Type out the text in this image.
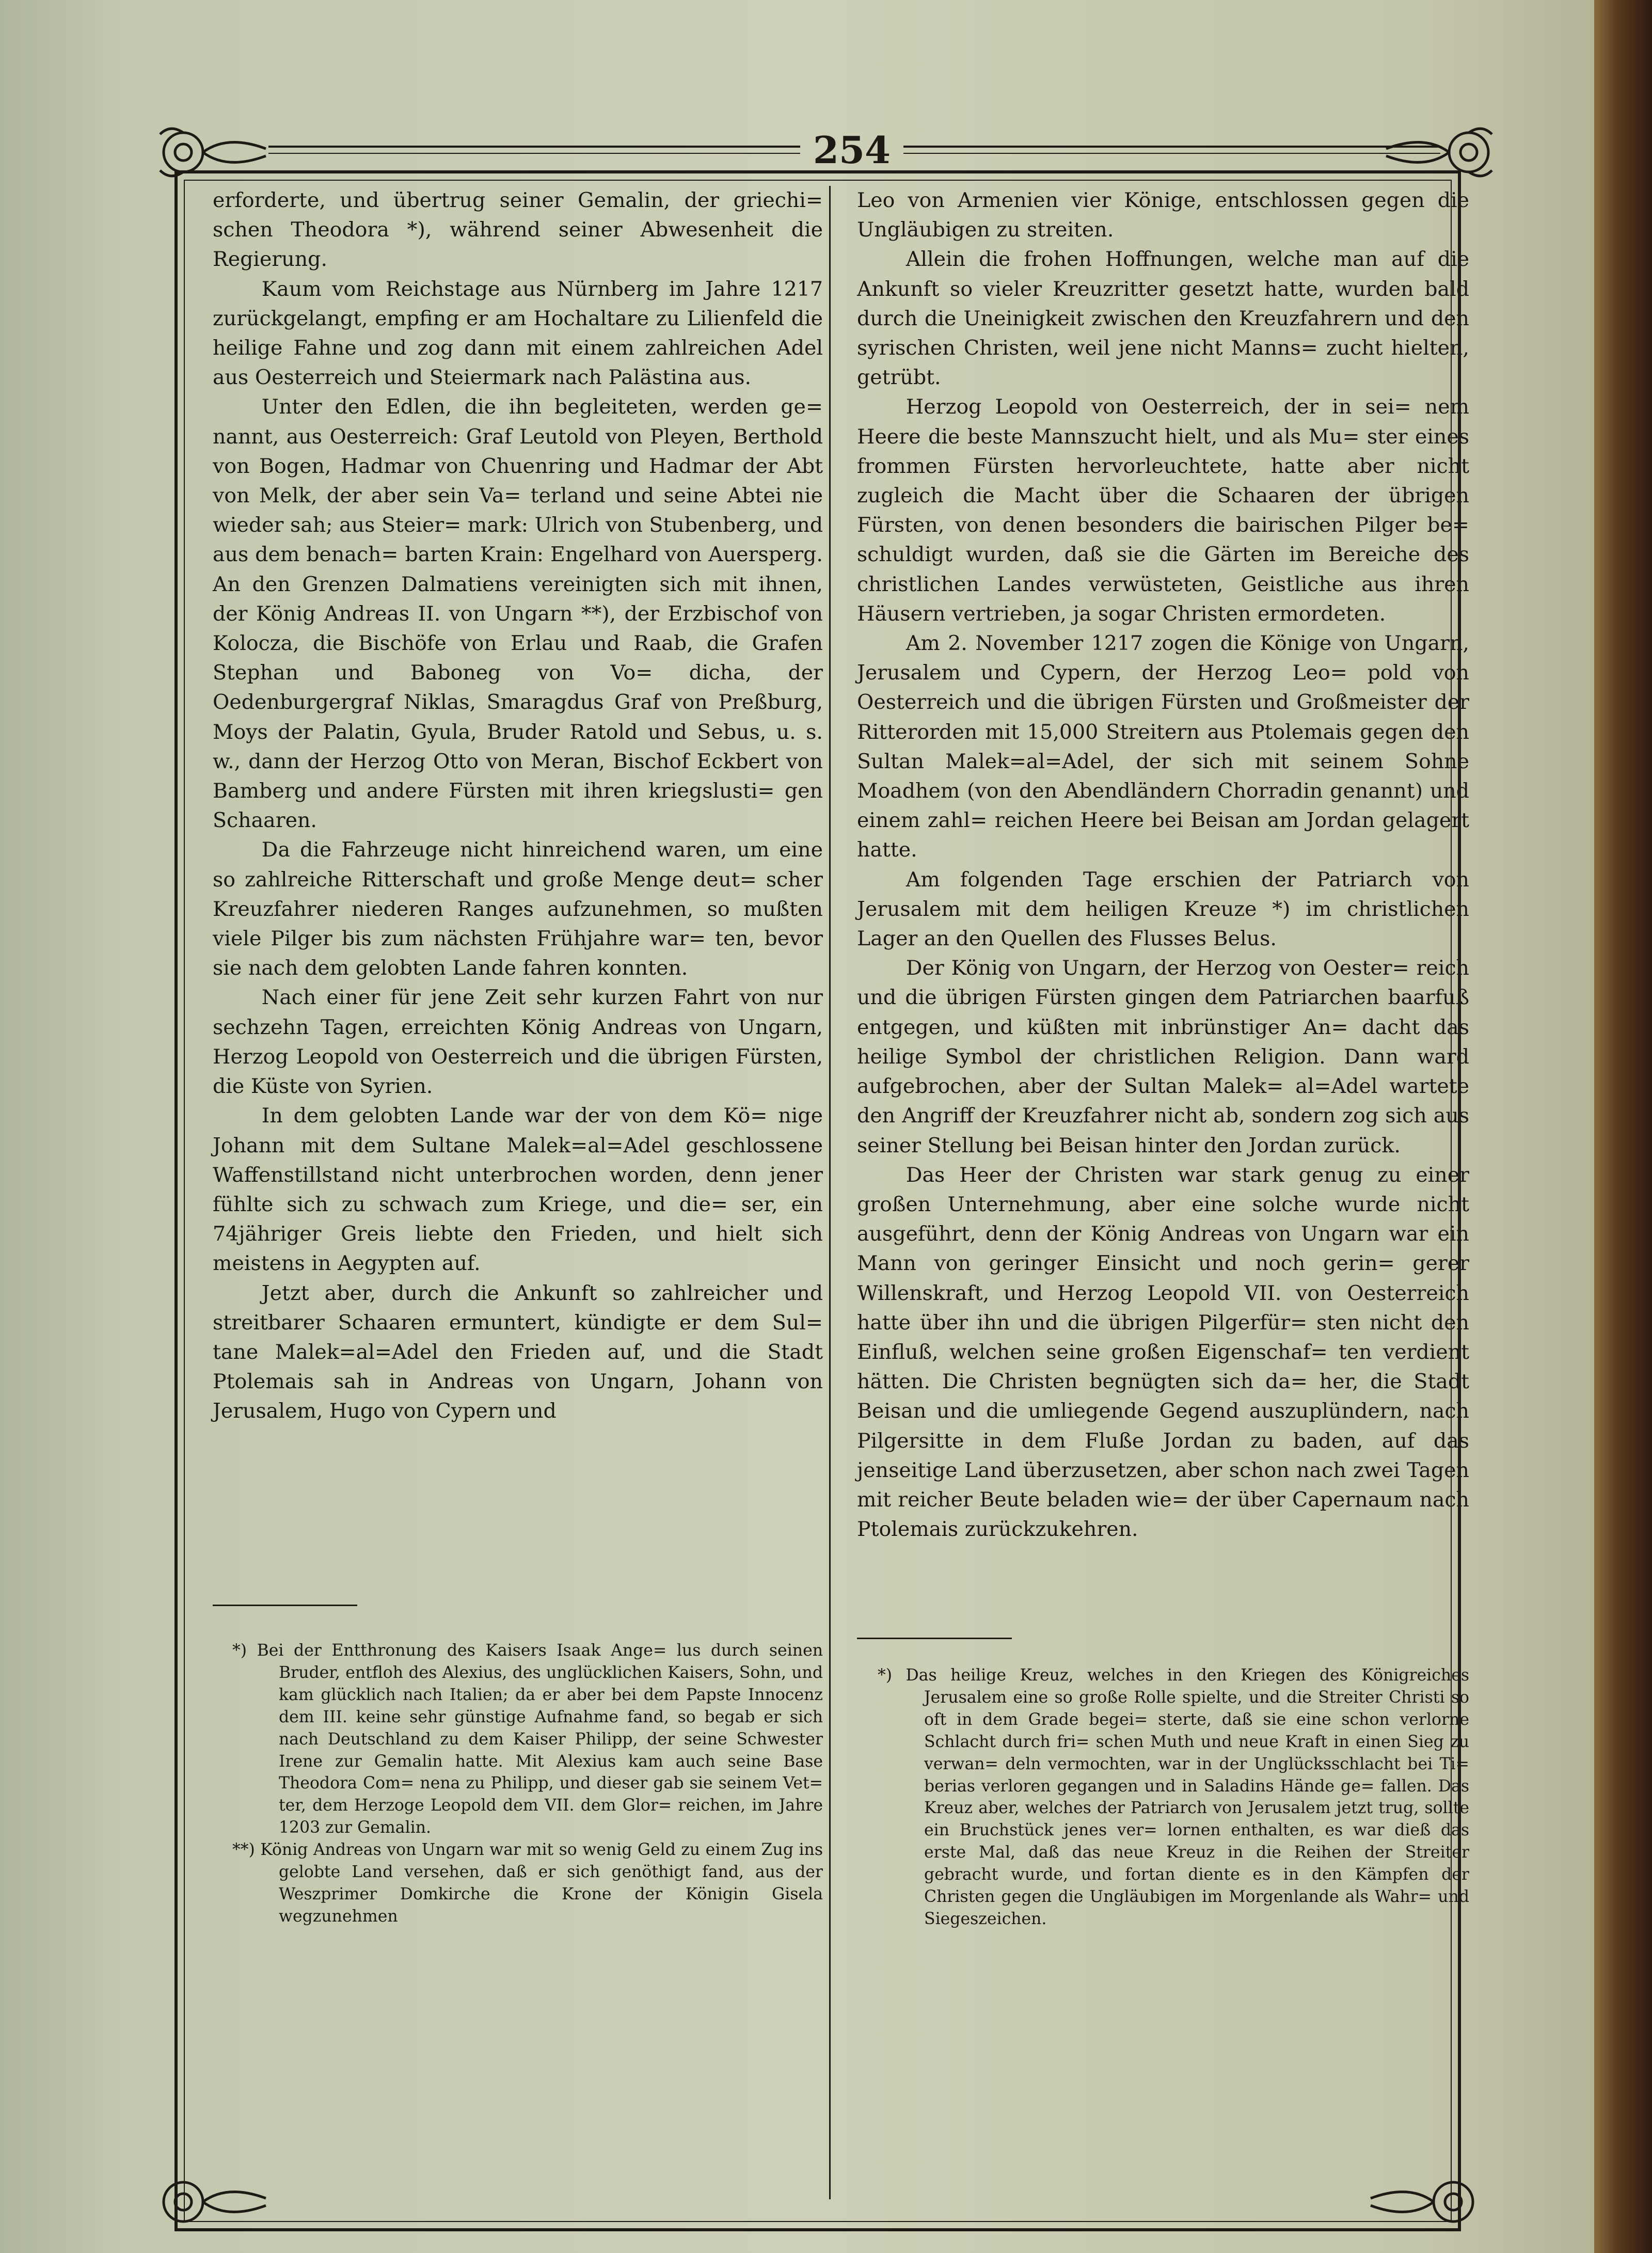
254

erforderte, und übertrug seiner Gemalin, der griechi= schen Theodora *), während seiner Abwesenheit die Regierung.

Kaum vom Reichstage aus Nürnberg im Jahre 1217 zurückgelangt, empfing er am Hochaltare zu Lilienfeld die heilige Fahne und zog dann mit einem zahlreichen Adel aus Oesterreich und Steiermark nach Palästina aus.

Unter den Edlen, die ihn begleiteten, werden ge= nannt, aus Oesterreich: Graf Leutold von Pleyen, Berthold von Bogen, Hadmar von Chuenring und Hadmar der Abt von Melk, der aber sein Va= terland und seine Abtei nie wieder sah; aus Steier= mark: Ulrich von Stubenberg, und aus dem benach= barten Krain: Engelhard von Auersperg. An den Grenzen Dalmatiens vereinigten sich mit ihnen, der König Andreas II. von Ungarn **), der Erzbischof von Kolocza, die Bischöfe von Erlau und Raab, die Grafen Stephan und Baboneg von Vo= dicha, der Oedenburgergraf Niklas, Smaragdus Graf von Preßburg, Moys der Palatin, Gyula, Bruder Ratold und Sebus, u. s. w., dann der Herzog Otto von Meran, Bischof Eckbert von Bamberg und andere Fürsten mit ihren kriegslusti= gen Schaaren.

Da die Fahrzeuge nicht hinreichend waren, um eine so zahlreiche Ritterschaft und große Menge deut= scher Kreuzfahrer niederen Ranges aufzunehmen, so mußten viele Pilger bis zum nächsten Frühjahre war= ten, bevor sie nach dem gelobten Lande fahren konnten.

Nach einer für jene Zeit sehr kurzen Fahrt von nur sechzehn Tagen, erreichten König Andreas von Ungarn, Herzog Leopold von Oesterreich und die übrigen Fürsten, die Küste von Syrien.

In dem gelobten Lande war der von dem Kö= nige Johann mit dem Sultane Malek=al=Adel geschlossene Waffenstillstand nicht unterbrochen worden, denn jener fühlte sich zu schwach zum Kriege, und die= ser, ein 74jähriger Greis liebte den Frieden, und hielt sich meistens in Aegypten auf.

Jetzt aber, durch die Ankunft so zahlreicher und streitbarer Schaaren ermuntert, kündigte er dem Sul= tane Malek=al=Adel den Frieden auf, und die Stadt Ptolemais sah in Andreas von Ungarn, Johann von Jerusalem, Hugo von Cypern und

Leo von Armenien vier Könige, entschlossen gegen die Ungläubigen zu streiten.

Allein die frohen Hoffnungen, welche man auf die Ankunft so vieler Kreuzritter gesetzt hatte, wurden bald durch die Uneinigkeit zwischen den Kreuzfahrern und den syrischen Christen, weil jene nicht Manns= zucht hielten, getrübt.

Herzog Leopold von Oesterreich, der in sei= nem Heere die beste Mannszucht hielt, und als Mu= ster eines frommen Fürsten hervorleuchtete, hatte aber nicht zugleich die Macht über die Schaaren der übrigen Fürsten, von denen besonders die bairischen Pilger be= schuldigt wurden, daß sie die Gärten im Bereiche des christlichen Landes verwüsteten, Geistliche aus ihren Häusern vertrieben, ja sogar Christen ermordeten.

Am 2. November 1217 zogen die Könige von Ungarn, Jerusalem und Cypern, der Herzog Leo= pold von Oesterreich und die übrigen Fürsten und Großmeister der Ritterorden mit 15,000 Streitern aus Ptolemais gegen den Sultan Malek=al=Adel, der sich mit seinem Sohne Moadhem (von den Abendländern Chorradin genannt) und einem zahl= reichen Heere bei Beisan am Jordan gelagert hatte.

Am folgenden Tage erschien der Patriarch von Jerusalem mit dem heiligen Kreuze *) im christlichen Lager an den Quellen des Flusses Belus.

Der König von Ungarn, der Herzog von Oester= reich und die übrigen Fürsten gingen dem Patriarchen baarfuß entgegen, und küßten mit inbrünstiger An= dacht das heilige Symbol der christlichen Religion. Dann ward aufgebrochen, aber der Sultan Malek= al=Adel wartete den Angriff der Kreuzfahrer nicht ab, sondern zog sich aus seiner Stellung bei Beisan hinter den Jordan zurück.

Das Heer der Christen war stark genug zu einer großen Unternehmung, aber eine solche wurde nicht ausgeführt, denn der König Andreas von Ungarn war ein Mann von geringer Einsicht und noch gerin= gerer Willenskraft, und Herzog Leopold VII. von Oesterreich hatte über ihn und die übrigen Pilgerfür= sten nicht den Einfluß, welchen seine großen Eigenschaf= ten verdient hätten. Die Christen begnügten sich da= her, die Stadt Beisan und die umliegende Gegend auszuplündern, nach Pilgersitte in dem Fluße Jordan zu baden, auf das jenseitige Land überzusetzen, aber schon nach zwei Tagen mit reicher Beute beladen wie= der über Capernaum nach Ptolemais zurückzukehren.

*) Bei der Entthronung des Kaisers Isaak Ange= lus durch seinen Bruder, entfloh des Alexius, des unglücklichen Kaisers, Sohn, und kam glücklich nach Italien; da er aber bei dem Papste Innocenz dem III. keine sehr günstige Aufnahme fand, so begab er sich nach Deutschland zu dem Kaiser Philipp, der seine Schwester Irene zur Gemalin hatte. Mit Alexius kam auch seine Base Theodora Com= nena zu Philipp, und dieser gab sie seinem Vet= ter, dem Herzoge Leopold dem VII. dem Glor= reichen, im Jahre 1203 zur Gemalin.

**) König Andreas von Ungarn war mit so wenig Geld zu einem Zug ins gelobte Land versehen, daß er sich genöthigt fand, aus der Weszprimer Domkirche die Krone der Königin Gisela wegzunehmen

*) Das heilige Kreuz, welches in den Kriegen des Königreiches Jerusalem eine so große Rolle spielte, und die Streiter Christi so oft in dem Grade begei= sterte, daß sie eine schon verlorne Schlacht durch fri= schen Muth und neue Kraft in einen Sieg zu verwan= deln vermochten, war in der Unglücksschlacht bei Ti= berias verloren gegangen und in Saladins Hände ge= fallen. Das Kreuz aber, welches der Patriarch von Jerusalem jetzt trug, sollte ein Bruchstück jenes ver= lornen enthalten, es war dieß das erste Mal, daß das neue Kreuz in die Reihen der Streiter gebracht wurde, und fortan diente es in den Kämpfen der Christen gegen die Ungläubigen im Morgenlande als Wahr= und Siegeszeichen.
